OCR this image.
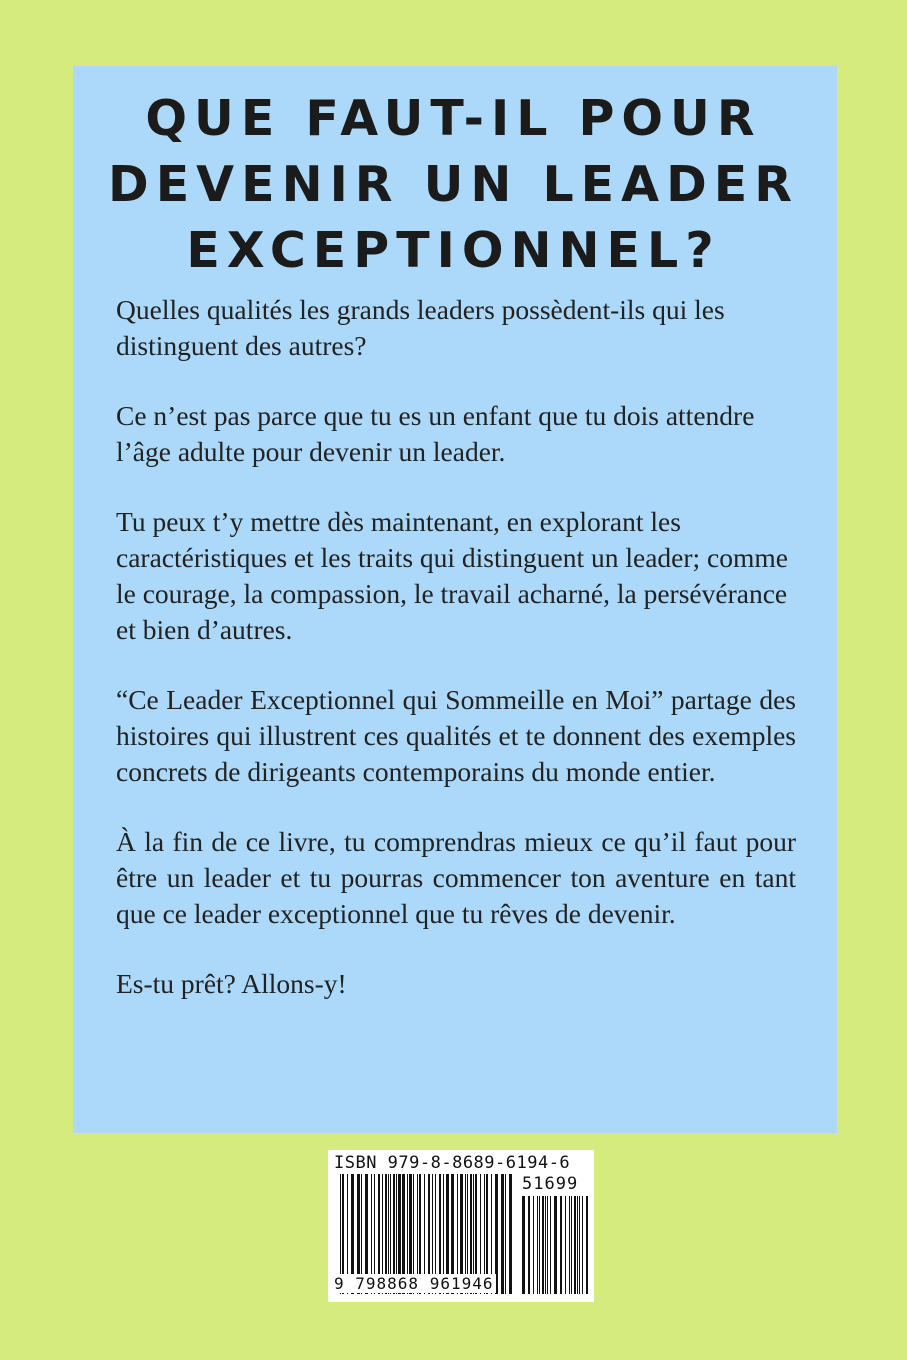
QUE FAUT-IL POUR
DEVENIR UN LEADER
EXCEPTIONNEL?

Quelles qualités les grands leaders possèdent-ils qui les distinguent des autres?

Ce n’est pas parce que tu es un enfant que tu dois attendre l’âge adulte pour devenir un leader.

Tu peux t’y mettre dès maintenant, en explorant les caractéristiques et les traits qui distinguent un leader; comme le courage, la compassion, le travail acharné, la persévérance et bien d’autres.

“Ce Leader Exceptionnel qui Sommeille en Moi” partage des histoires qui illustrent ces qualités et te donnent des exemples concrets de dirigeants contemporains du monde entier.

À la fin de ce livre, tu comprendras mieux ce qu’il faut pour être un leader et tu pourras commencer ton aventure en tant que ce leader exceptionnel que tu rêves de devenir.

Es-tu prêt? Allons-y!

ISBN 979-8-8689-6194-6
51699
9 798868 961946
